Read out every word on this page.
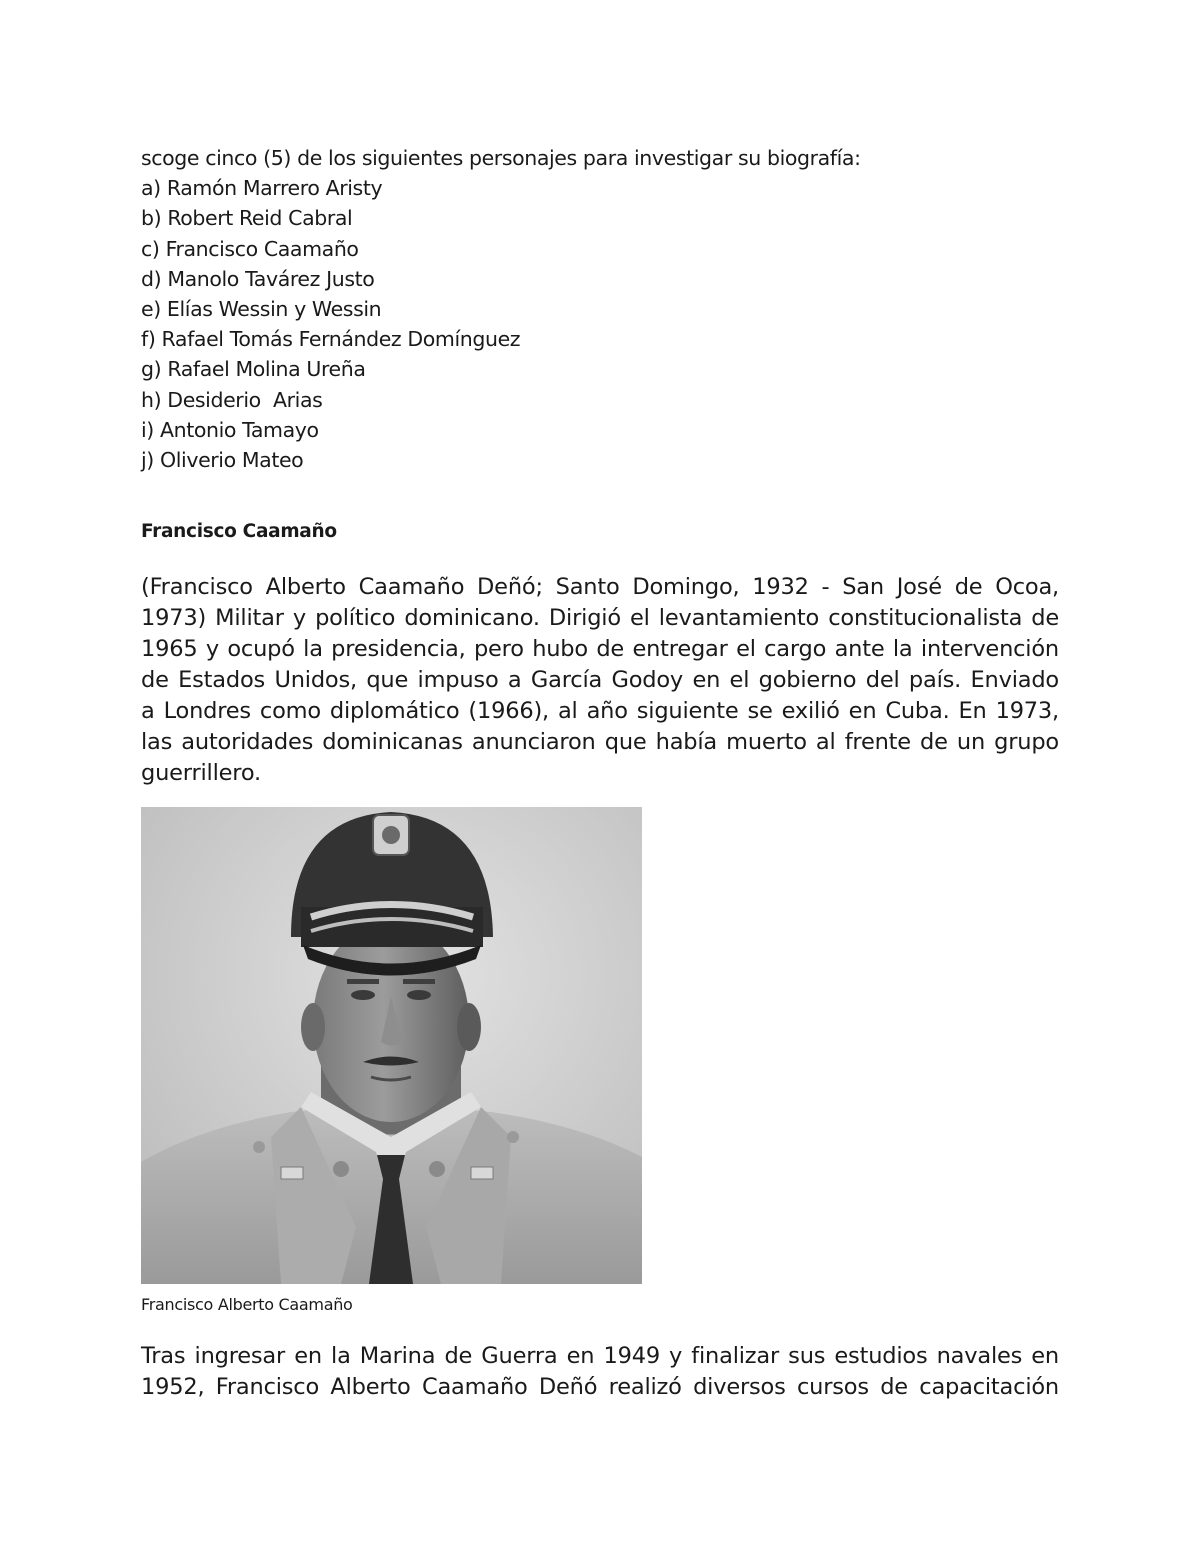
scoge cinco (5) de los siguientes personajes para investigar su biografía:
a) Ramón Marrero Aristy
b) Robert Reid Cabral
c) Francisco Caamaño
d) Manolo Tavárez Justo
e) Elías Wessin y Wessin
f) Rafael Tomás Fernández Domínguez
g) Rafael Molina Ureña
h) Desiderio  Arias
i) Antonio Tamayo
j) Oliverio Mateo
Francisco Caamaño
(Francisco Alberto Caamaño Deñó; Santo Domingo, 1932 - San José de Ocoa,
1973) Militar y político dominicano. Dirigió el levantamiento constitucionalista de
1965 y ocupó la presidencia, pero hubo de entregar el cargo ante la intervención
de Estados Unidos, que impuso a García Godoy en el gobierno del país. Enviado
a Londres como diplomático (1966), al año siguiente se exilió en Cuba. En 1973,
las autoridades dominicanas anunciaron que había muerto al frente de un grupo
guerrillero.
Francisco Alberto Caamaño
Tras ingresar en la Marina de Guerra en 1949 y finalizar sus estudios navales en
1952, Francisco Alberto Caamaño Deñó realizó diversos cursos de capacitación
